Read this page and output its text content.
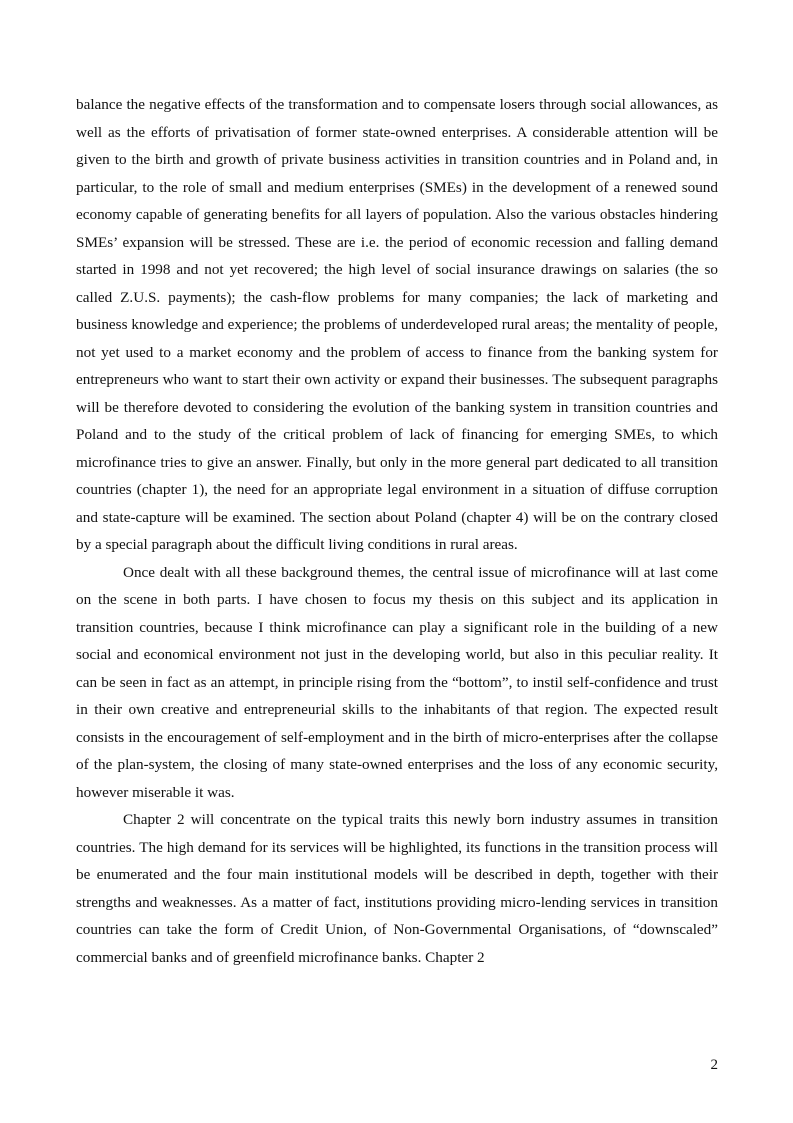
balance the negative effects of the transformation and to compensate losers through social allowances, as well as the efforts of privatisation of former state-owned enterprises. A considerable attention will be given to the birth and growth of private business activities in transition countries and in Poland and, in particular, to the role of small and medium enterprises (SMEs) in the development of a renewed sound economy capable of generating benefits for all layers of population. Also the various obstacles hindering SMEs’ expansion will be stressed. These are i.e. the period of economic recession and falling demand started in 1998 and not yet recovered; the high level of social insurance drawings on salaries (the so called Z.U.S. payments); the cash-flow problems for many companies; the lack of marketing and business knowledge and experience; the problems of underdeveloped rural areas; the mentality of people, not yet used to a market economy and the problem of access to finance from the banking system for entrepreneurs who want to start their own activity or expand their businesses. The subsequent paragraphs will be therefore devoted to considering the evolution of the banking system in transition countries and Poland and to the study of the critical problem of lack of financing for emerging SMEs, to which microfinance tries to give an answer. Finally, but only in the more general part dedicated to all transition countries (chapter 1), the need for an appropriate legal environment in a situation of diffuse corruption and state-capture will be examined. The section about Poland (chapter 4) will be on the contrary closed by a special paragraph about the difficult living conditions in rural areas.

Once dealt with all these background themes, the central issue of microfinance will at last come on the scene in both parts. I have chosen to focus my thesis on this subject and its application in transition countries, because I think microfinance can play a significant role in the building of a new social and economical environment not just in the developing world, but also in this peculiar reality. It can be seen in fact as an attempt, in principle rising from the “bottom”, to instil self-confidence and trust in their own creative and entrepreneurial skills to the inhabitants of that region. The expected result consists in the encouragement of self-employment and in the birth of micro-enterprises after the collapse of the plan-system, the closing of many state-owned enterprises and the loss of any economic security, however miserable it was.

Chapter 2 will concentrate on the typical traits this newly born industry assumes in transition countries. The high demand for its services will be highlighted, its functions in the transition process will be enumerated and the four main institutional models will be described in depth, together with their strengths and weaknesses. As a matter of fact, institutions providing micro-lending services in transition countries can take the form of Credit Union, of Non-Governmental Organisations, of “downscaled” commercial banks and of greenfield microfinance banks. Chapter 2

2
